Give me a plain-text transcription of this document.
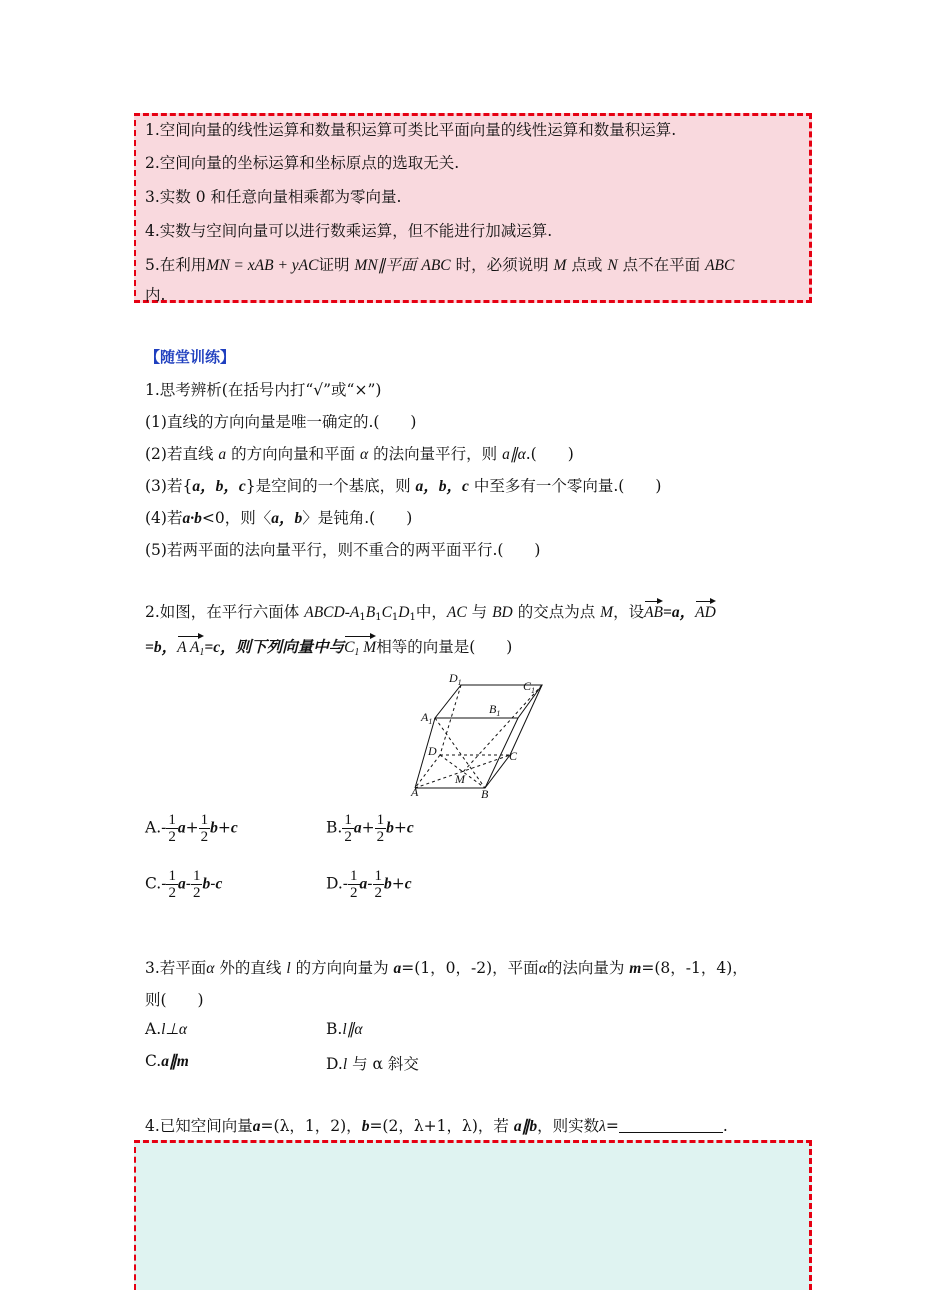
1.空间向量的线性运算和数量积运算可类比平面向量的线性运算和数量积运算.
2.空间向量的坐标运算和坐标原点的选取无关.
3.实数 0 和任意向量相乘都为零向量.
4.实数与空间向量可以进行数乘运算，但不能进行加减运算.
5.在利用MN = xAB + yAC证明 MN∥平面 ABC 时，必须说明 M 点或 N 点不在平面 ABC
内.
【随堂训练】
1.思考辨析(在括号内打“√”或“×”)
(1)直线的方向向量是唯一确定的.(　　)
(2)若直线 a 的方向向量和平面 α 的法向量平行，则 a∥α.(　　)
(3)若{a，b，c}是空间的一个基底，则 a，b，c 中至多有一个零向量.(　　)
(4)若a·b<0，则〈a，b〉是钝角.(　　)
(5)若两平面的法向量平行，则不重合的两平面平行.(　　)
2.如图，在平行六面体 ABCD-$A_1B_1C_1D_1$中，AC 与 BD 的交点为点 M，设AB=a，AD
=b，A $A_1=c$，则下列向量中与$C_1$ M相等的向量是(　　)
$D_1$	$C_1$
$A_1$
$B_1$
D	C
M
A	B
$A.- \frac{1}{2} a+ \frac{1}{2} b+c$	B. $\frac{1}{2} a+ \frac{1}{2} b+c$
$C.- \frac{1}{2} a- \frac{1}{2} b-c$	$D.- \frac{1}{2} a- \frac{1}{2} b+c$
3.若平面α 外的直线 l 的方向向量为 a=(1，0，-2)，平面α的法向量为 m=(8，-1，4)，
则(　　)
A.l⊥α	B.l∥α
C.a∥m	D.l 与 α 斜交
4.已知空间向量a=(λ，1，2)，b=(2，λ+1，λ)，若 a∥b，则实数λ=	.
